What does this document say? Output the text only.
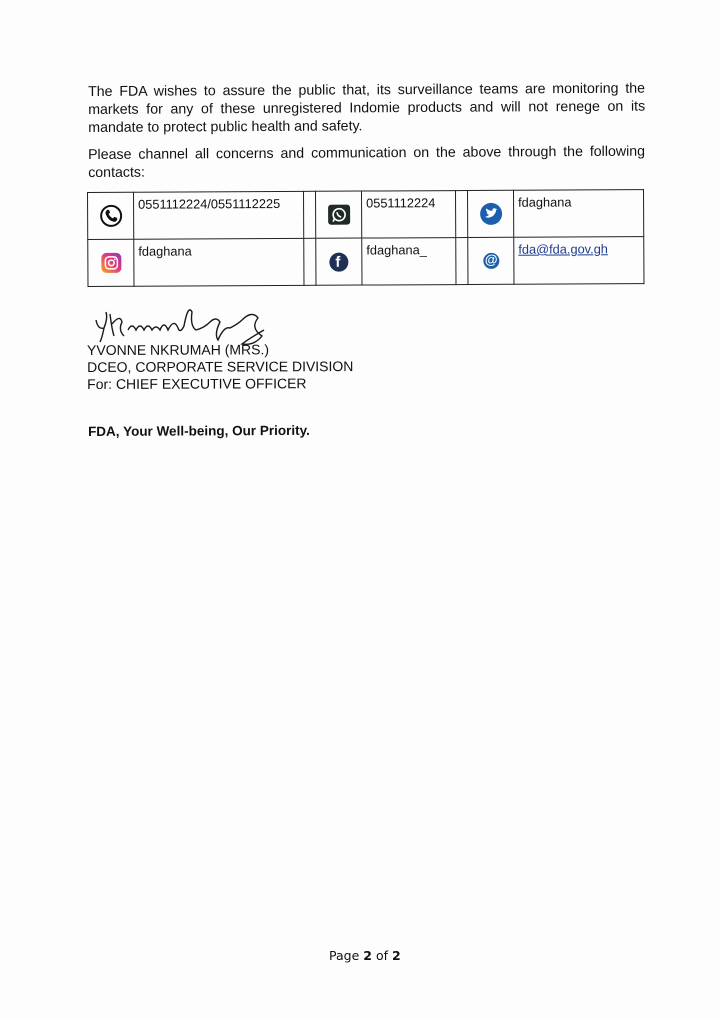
The FDA wishes to assure the public that, its surveillance teams are monitoring the markets for any of these unregistered Indomie products and will not renege on its mandate to protect public health and safety.

Please channel all concerns and communication on the above through the following contacts:

	0551112224/0551112225			0551112224			fdaghana

	fdaghana		f	fdaghana_		@	fda@fda.gov.gh
YVONNE NKRUMAH (MRS.)
DCEO, CORPORATE SERVICE DIVISION
For: CHIEF EXECUTIVE OFFICER
FDA, Your Well-being, Our Priority.
Page 2 of 2
